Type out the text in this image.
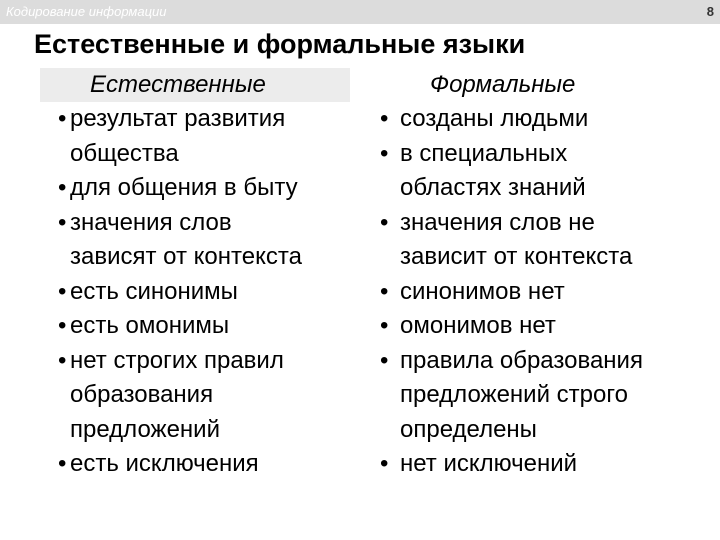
Кодирование информации	8
Естественные и формальные языки
Естественные
• результат развития
общества
• для общения в быту
• значения слов
зависят от контекста
• есть синонимы
• есть омонимы
• нет строгих правил
образования
предложений
• есть исключения
Формальные
• созданы людьми
• в специальных
областях знаний
• значения слов не
зависит от контекста
• синонимов нет
• омонимов нет
• правила образования
предложений строго
определены
• нет исключений
